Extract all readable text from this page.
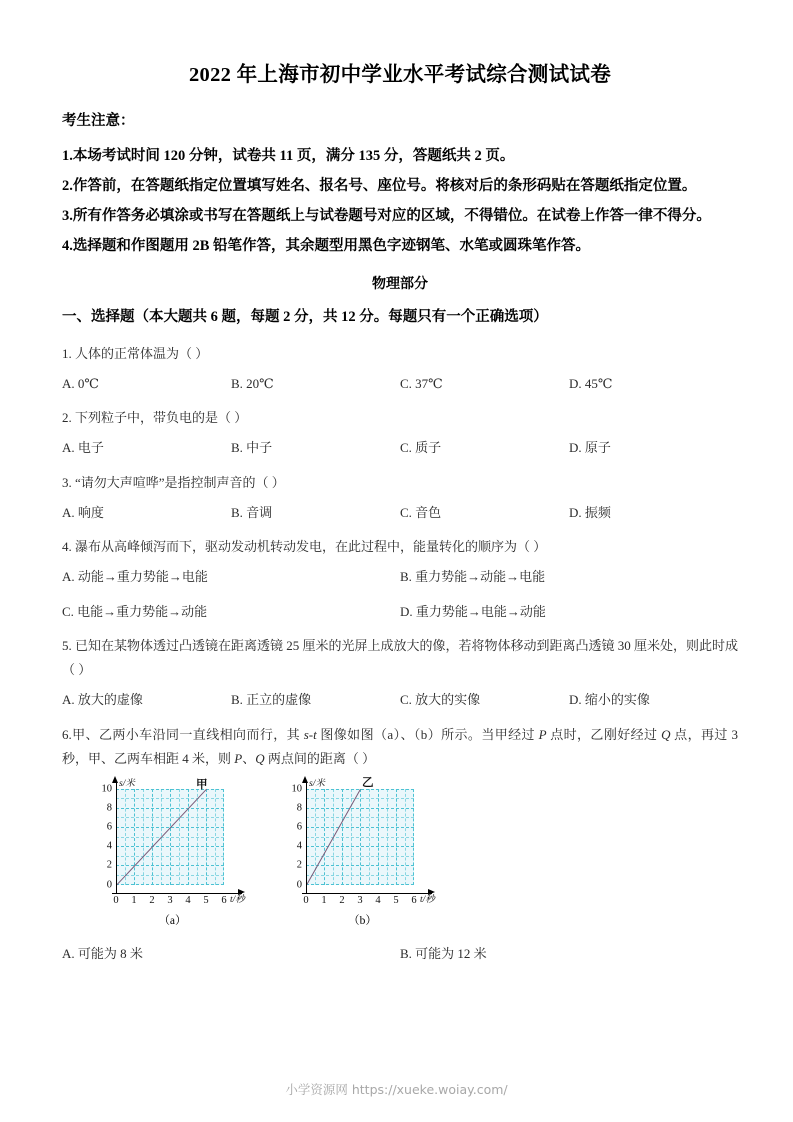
2022 年上海市初中学业水平考试综合测试试卷
考生注意：
1.本场考试时间 120 分钟，试卷共 11 页，满分 135 分，答题纸共 2 页。
2.作答前，在答题纸指定位置填写姓名、报名号、座位号。将核对后的条形码贴在答题纸指定位置。
3.所有作答务必填涂或书写在答题纸上与试卷题号对应的区域，不得错位。在试卷上作答一律不得分。
4.选择题和作图题用 2B 铅笔作答，其余题型用黑色字迹钢笔、水笔或圆珠笔作答。
物理部分
一、选择题（本大题共 6 题，每题 2 分，共 12 分。每题只有一个正确选项）
1. 人体的正常体温为（ ）
A. 0℃	B. 20℃	C. 37℃	D. 45℃
2. 下列粒子中，带负电的是（ ）
A. 电子	B. 中子	C. 质子	D. 原子
3. “请勿大声喧哗”是指控制声音的（ ）
A. 响度	B. 音调	C. 音色	D. 振频
4. 瀑布从高峰倾泻而下，驱动发动机转动发电，在此过程中，能量转化的顺序为（ ）
A. 动能→重力势能→电能	B. 重力势能→动能→电能
C. 电能→重力势能→动能	D. 重力势能→电能→动能
5. 已知在某物体透过凸透镜在距离透镜 25 厘米的光屏上成放大的像，若将物体移动到距离凸透镜 30 厘米处，则此时成（ ）
A. 放大的虚像	B. 正立的虚像	C. 放大的实像	D. 缩小的实像
6.甲、乙两小车沿同一直线相向而行，其 s-t 图像如图（a）、（b）所示。当甲经过 P 点时，乙刚好经过 Q 点，再过 3 秒，甲、乙两车相距 4 米，则 P、Q 两点间的距离（ ）
s/米
t/秒
甲
0
2
4
6
8
10
0	1	2	3	4	5	6
（a）
s/米
t/秒
乙
0
2
4
6
8
10
0	1	2	3	4	5	6
（b）
A. 可能为 8 米	B. 可能为 12 米
小学资源网 https://xueke.woiay.com/
